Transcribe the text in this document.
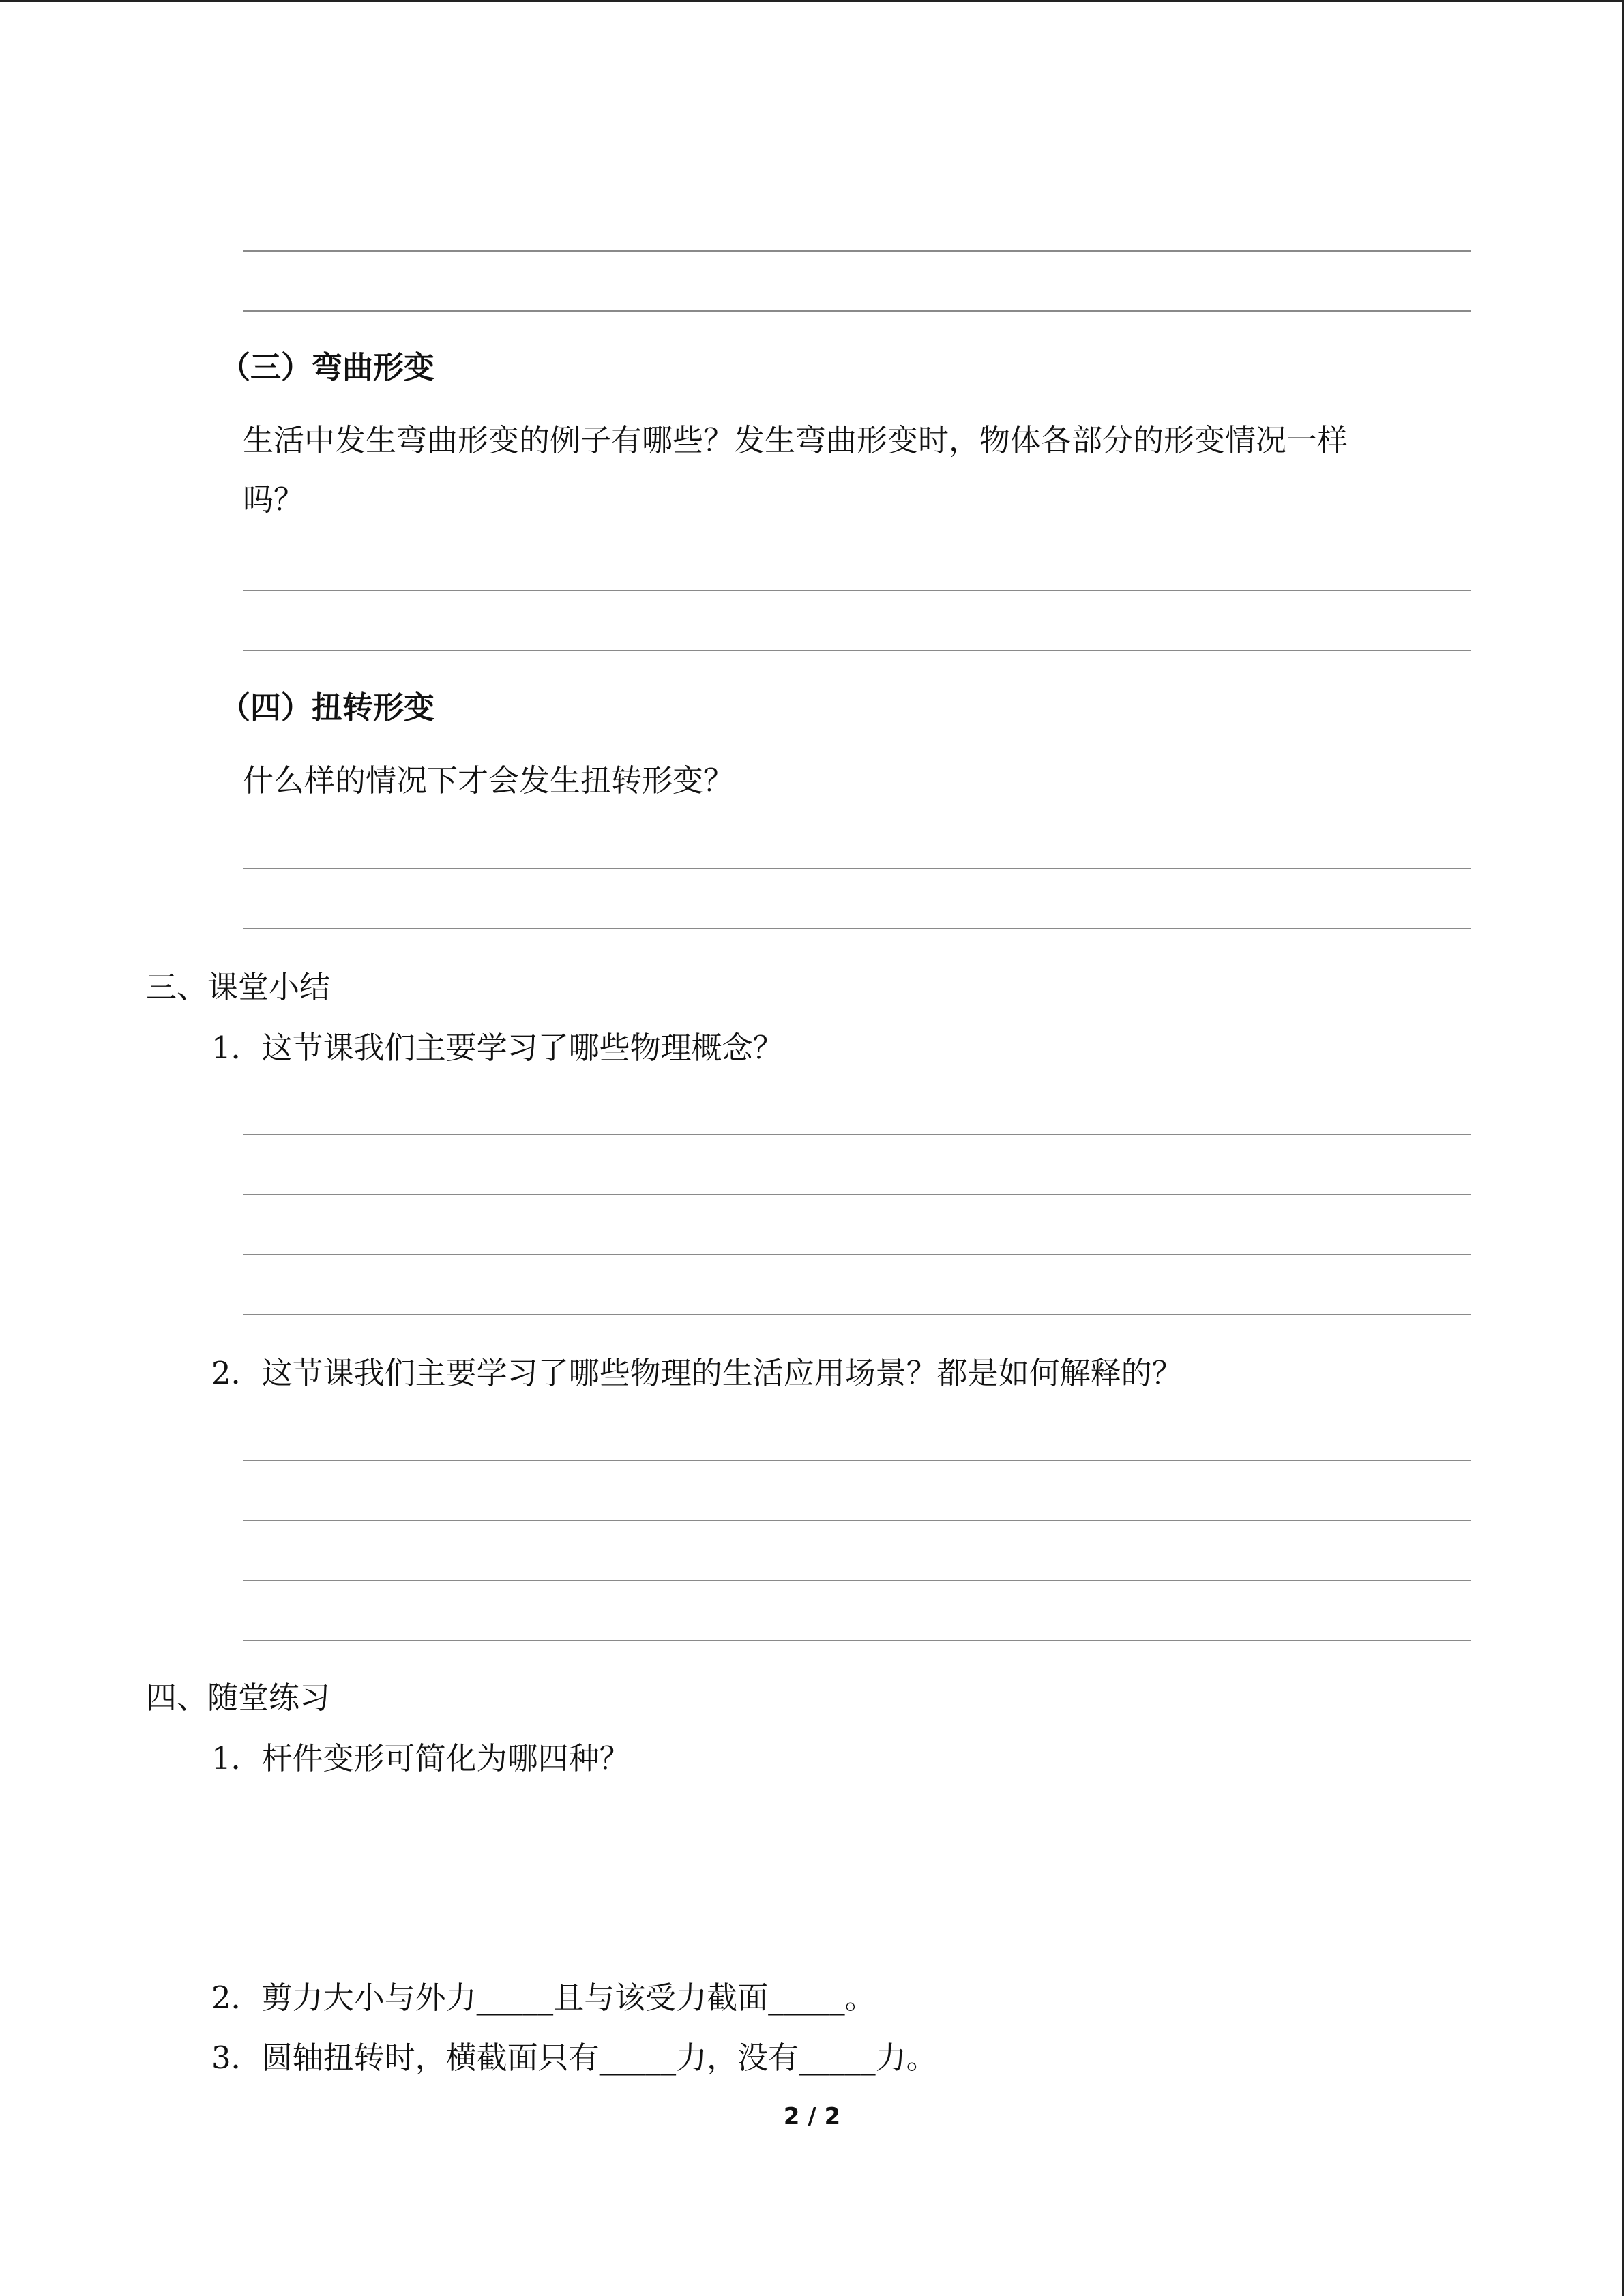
（三）弯曲形变
生活中发生弯曲形变的例子有哪些？发生弯曲形变时，物体各部分的形变情况一样
吗？
（四）扭转形变
什么样的情况下才会发生扭转形变？
三、课堂小结
1．这节课我们主要学习了哪些物理概念？
2．这节课我们主要学习了哪些物理的生活应用场景？都是如何解释的？
四、随堂练习
1．杆件变形可简化为哪四种？
2．剪力大小与外力_____且与该受力截面_____。
3．圆轴扭转时，横截面只有_____力，没有_____力。
2 / 2
